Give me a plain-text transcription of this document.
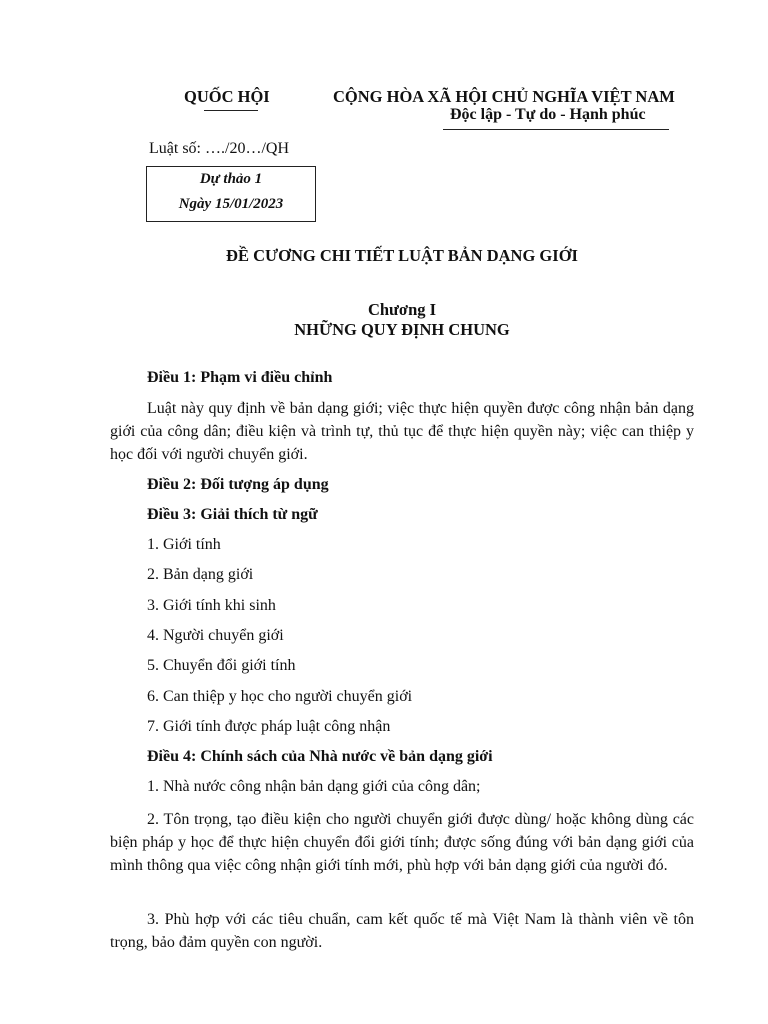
QUỐC HỘI	CỘNG HÒA XÃ HỘI CHỦ NGHĨA VIỆT NAM
Độc lập - Tự do - Hạnh phúc
Luật số: …./20…/QH
Dự thảo 1
Ngày 15/01/2023
ĐỀ CƯƠNG CHI TIẾT LUẬT BẢN DẠNG GIỚI
Chương I
NHỮNG QUY ĐỊNH CHUNG
Điều 1: Phạm vi điều chỉnh
Luật này quy định về bản dạng giới; việc thực hiện quyền được công nhận bản dạng giới của công dân; điều kiện và trình tự, thủ tục để thực hiện quyền này; việc can thiệp y học đối với người chuyển giới.
Điều 2: Đối tượng áp dụng
Điều 3: Giải thích từ ngữ
1. Giới tính
2. Bản dạng giới
3. Giới tính khi sinh
4. Người chuyển giới
5. Chuyển đổi giới tính
6. Can thiệp y học cho người chuyển giới
7. Giới tính được pháp luật công nhận
Điều 4: Chính sách của Nhà nước về bản dạng giới
1. Nhà nước công nhận bản dạng giới của công dân;
2. Tôn trọng, tạo điều kiện cho người chuyển giới được dùng/ hoặc không dùng các biện pháp y học để thực hiện chuyển đổi giới tính; được sống đúng với bản dạng giới của mình thông qua việc công nhận giới tính mới, phù hợp với bản dạng giới của người đó.
3. Phù hợp với các tiêu chuẩn, cam kết quốc tế mà Việt Nam là thành viên về tôn trọng, bảo đảm quyền con người.
